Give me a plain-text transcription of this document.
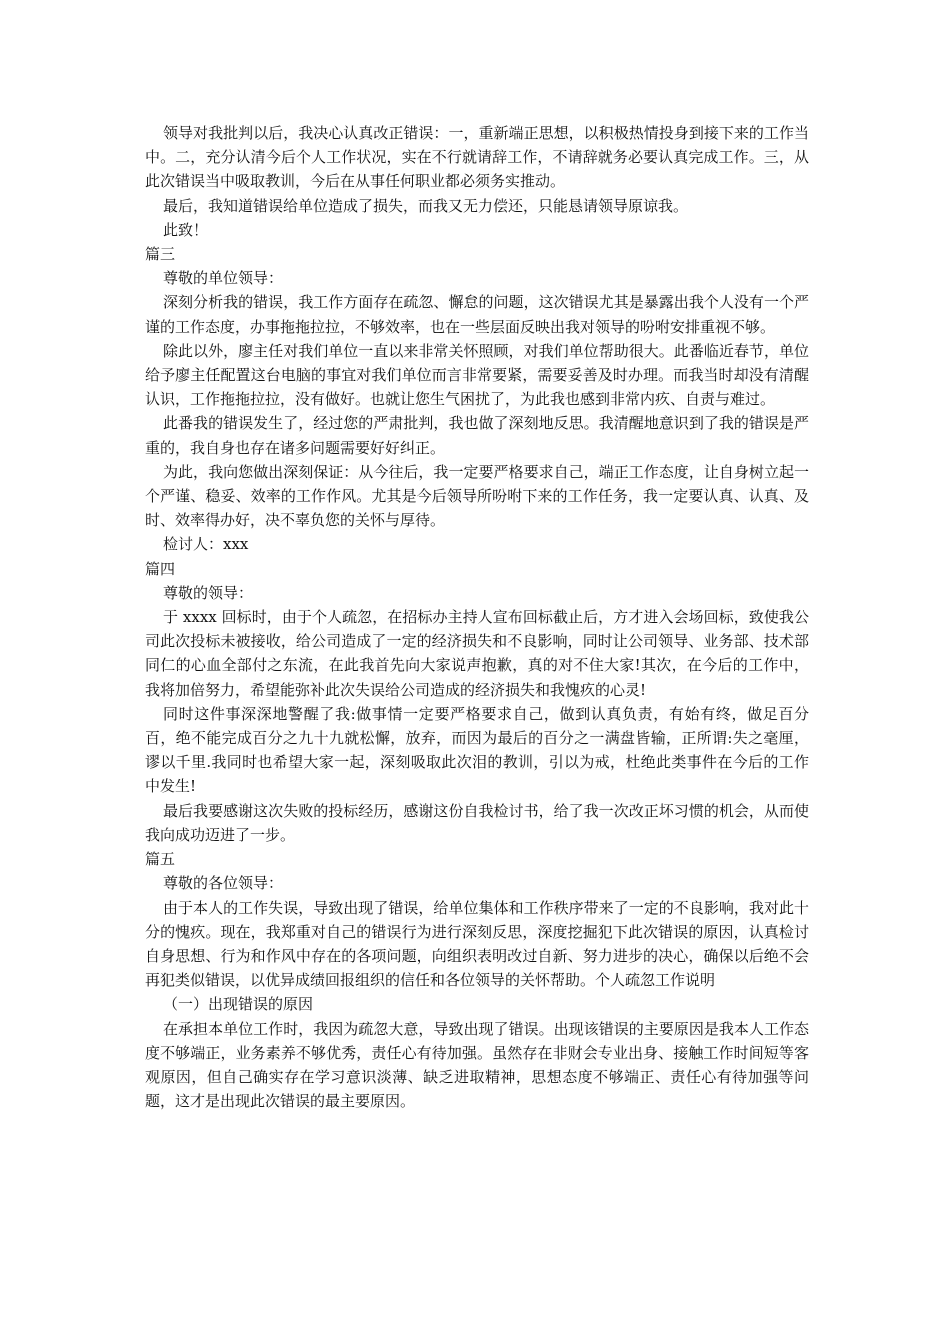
领导对我批判以后，我决心认真改正错误：一，重新端正思想，以积极热情投身到接下来的工作当中。二，充分认清今后个人工作状况，实在不行就请辞工作，不请辞就务必要认真完成工作。三，从此次错误当中吸取教训，今后在从事任何职业都必须务实推动。

最后，我知道错误给单位造成了损失，而我又无力偿还，只能恳请领导原谅我。

此致！

篇三

尊敬的单位领导：

深刻分析我的错误，我工作方面存在疏忽、懈怠的问题，这次错误尤其是暴露出我个人没有一个严谨的工作态度，办事拖拖拉拉，不够效率，也在一些层面反映出我对领导的吩咐安排重视不够。

除此以外，廖主任对我们单位一直以来非常关怀照顾，对我们单位帮助很大。此番临近春节，单位给予廖主任配置这台电脑的事宜对我们单位而言非常要紧，需要妥善及时办理。而我当时却没有清醒认识，工作拖拖拉拉，没有做好。也就让您生气困扰了，为此我也感到非常内疚、自责与难过。

此番我的错误发生了，经过您的严肃批判，我也做了深刻地反思。我清醒地意识到了我的错误是严重的，我自身也存在诸多问题需要好好纠正。

为此，我向您做出深刻保证：从今往后，我一定要严格要求自己，端正工作态度，让自身树立起一个严谨、稳妥、效率的工作作风。尤其是今后领导所吩咐下来的工作任务，我一定要认真、认真、及时、效率得办好，决不辜负您的关怀与厚待。

检讨人：xxx

篇四

尊敬的领导：

于 xxxx 回标时，由于个人疏忽，在招标办主持人宣布回标截止后，方才进入会场回标，致使我公司此次投标未被接收，给公司造成了一定的经济损失和不良影响，同时让公司领导、业务部、技术部同仁的心血全部付之东流，在此我首先向大家说声抱歉，真的对不住大家!其次，在今后的工作中，我将加倍努力，希望能弥补此次失误给公司造成的经济损失和我愧疚的心灵!

同时这件事深深地警醒了我:做事情一定要严格要求自己，做到认真负责，有始有终，做足百分百，绝不能完成百分之九十九就松懈，放弃，而因为最后的百分之一满盘皆输，正所谓:失之毫厘，谬以千里.我同时也希望大家一起，深刻吸取此次泪的教训，引以为戒，杜绝此类事件在今后的工作中发生!

最后我要感谢这次失败的投标经历，感谢这份自我检讨书，给了我一次改正坏习惯的机会，从而使我向成功迈进了一步。

篇五

尊敬的各位领导：

由于本人的工作失误，导致出现了错误，给单位集体和工作秩序带来了一定的不良影响，我对此十分的愧疚。现在，我郑重对自己的错误行为进行深刻反思，深度挖掘犯下此次错误的原因，认真检讨自身思想、行为和作风中存在的各项问题，向组织表明改过自新、努力进步的决心，确保以后绝不会再犯类似错误，以优异成绩回报组织的信任和各位领导的关怀帮助。个人疏忽工作说明

（一）出现错误的原因

在承担本单位工作时，我因为疏忽大意，导致出现了错误。出现该错误的主要原因是我本人工作态度不够端正，业务素养不够优秀，责任心有待加强。虽然存在非财会专业出身、接触工作时间短等客观原因，但自己确实存在学习意识淡薄、缺乏进取精神，思想态度不够端正、责任心有待加强等问题，这才是出现此次错误的最主要原因。
